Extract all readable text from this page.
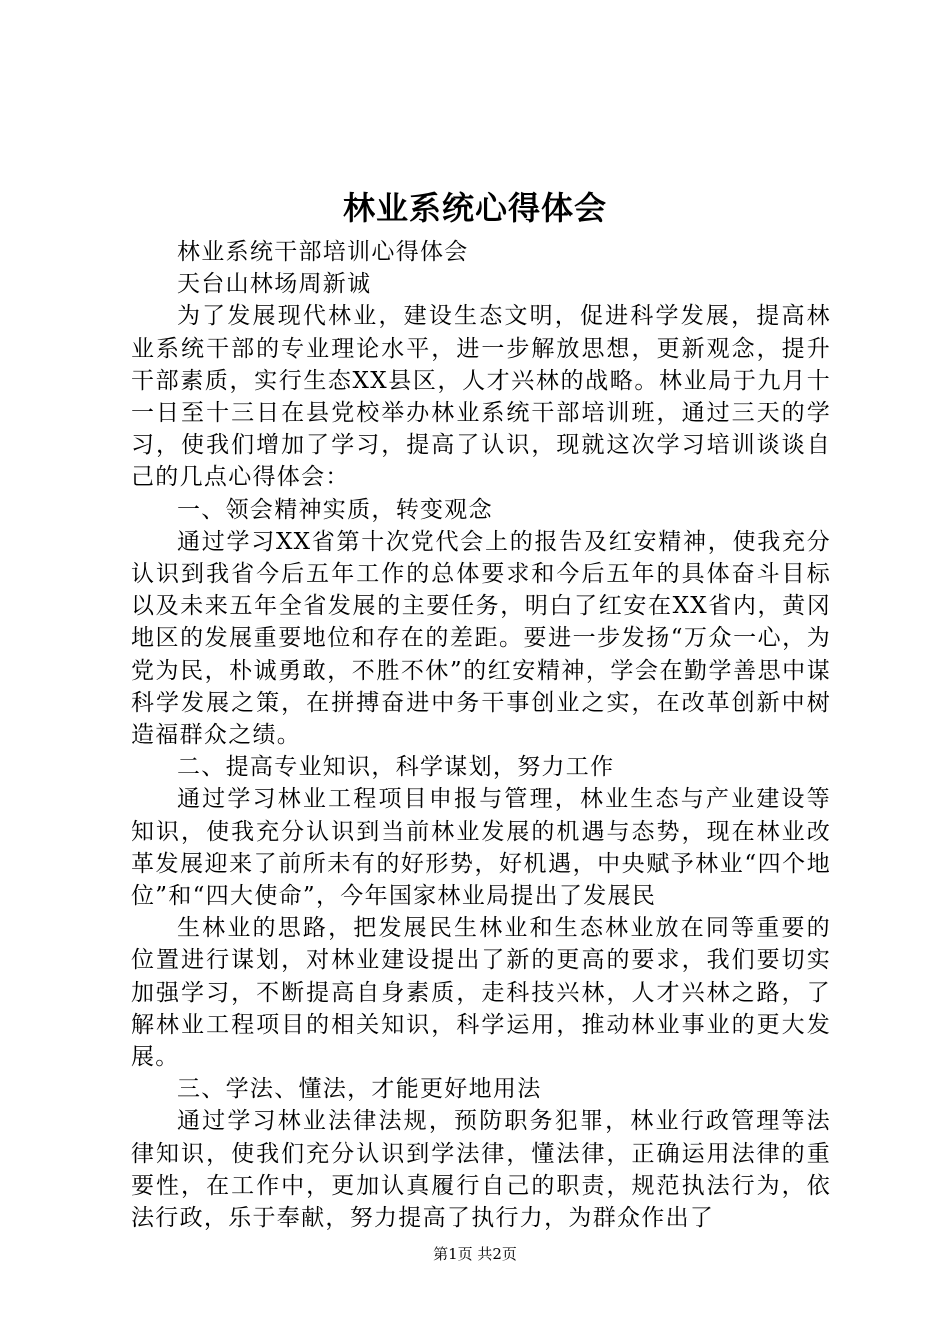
林业系统心得体会

林业系统干部培训心得体会

天台山林场周新诚

为了发展现代林业，建设生态文明，促进科学发展，提高林业系统干部的专业理论水平，进一步解放思想，更新观念，提升干部素质，实行生态XX县区，人才兴林的战略。林业局于九月十一日至十三日在县党校举办林业系统干部培训班，通过三天的学习，使我们增加了学习，提高了认识，现就这次学习培训谈谈自己的几点心得体会：

一、领会精神实质，转变观念

通过学习XX省第十次党代会上的报告及红安精神，使我充分认识到我省今后五年工作的总体要求和今后五年的具体奋斗目标以及未来五年全省发展的主要任务，明白了红安在XX省内，黄冈地区的发展重要地位和存在的差距。要进一步发扬“万众一心，为党为民，朴诚勇敢，不胜不休”的红安精神，学会在勤学善思中谋科学发展之策，在拼搏奋进中务干事创业之实，在改革创新中树造福群众之绩。

二、提高专业知识，科学谋划，努力工作

通过学习林业工程项目申报与管理，林业生态与产业建设等知识，使我充分认识到当前林业发展的机遇与态势，现在林业改革发展迎来了前所未有的好形势，好机遇，中央赋予林业“四个地位”和“四大使命”，今年国家林业局提出了发展民

生林业的思路，把发展民生林业和生态林业放在同等重要的位置进行谋划，对林业建设提出了新的更高的要求，我们要切实加强学习，不断提高自身素质，走科技兴林，人才兴林之路，了解林业工程项目的相关知识，科学运用，推动林业事业的更大发展。

三、学法、懂法，才能更好地用法

通过学习林业法律法规，预防职务犯罪，林业行政管理等法律知识，使我们充分认识到学法律，懂法律，正确运用法律的重要性，在工作中，更加认真履行自己的职责，规范执法行为，依法行政，乐于奉献，努力提高了执行力，为群众作出了

第1页 共2页
